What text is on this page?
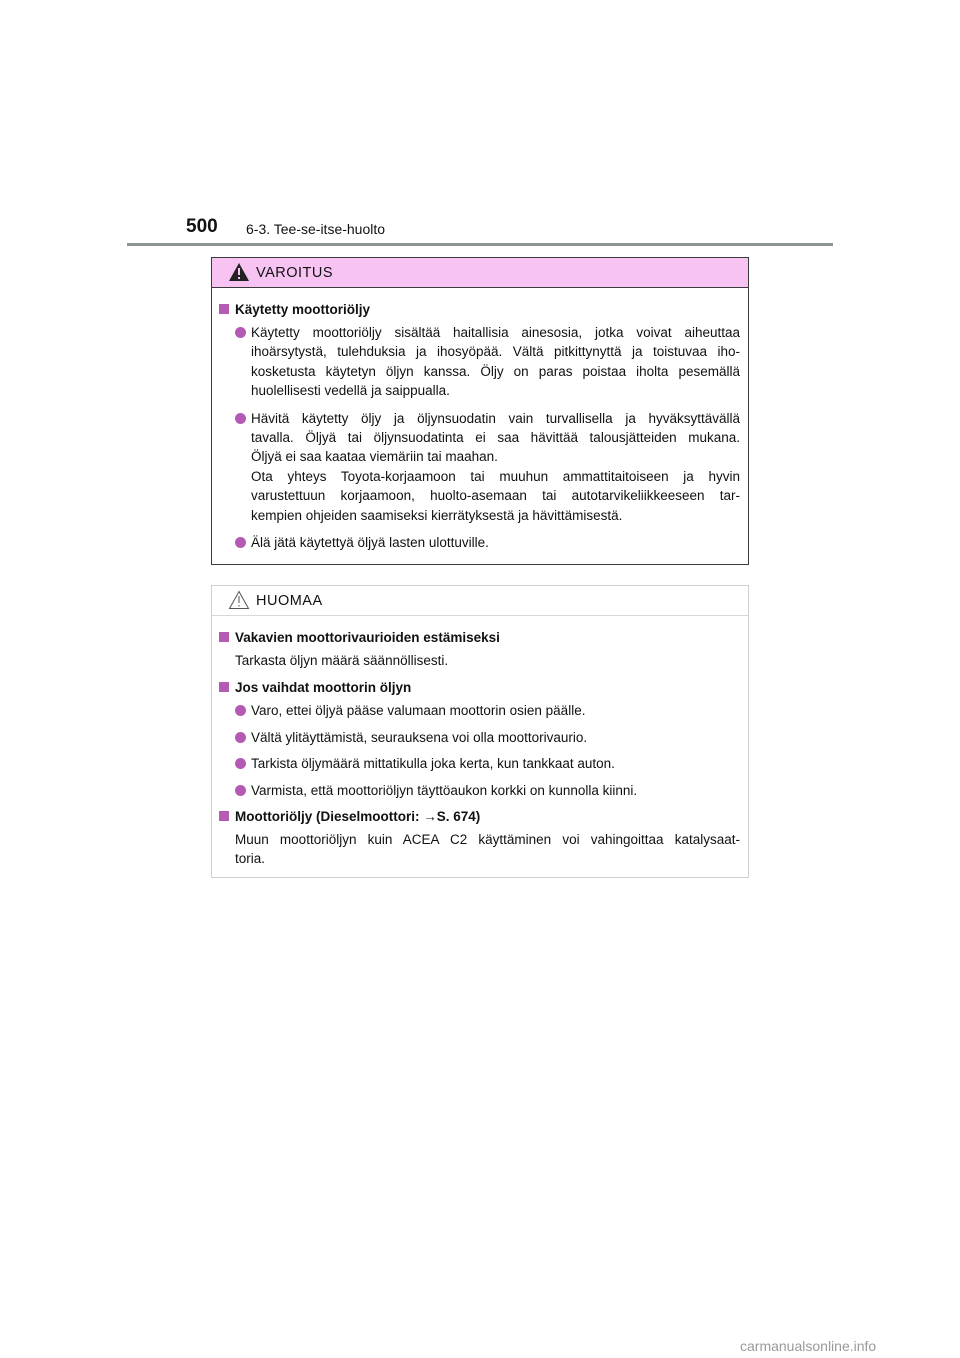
500 6-3. Tee-se-itse-huolto
VAROITUS
Käytetty moottoriöljy
Käytetty moottoriöljy sisältää haitallisia ainesosia, jotka voivat aiheuttaa
ihoärsytystä, tulehduksia ja ihosyöpää. Vältä pitkittynyttä ja toistuvaa iho-
kosketusta käytetyn öljyn kanssa. Öljy on paras poistaa iholta pesemällä
huolellisesti vedellä ja saippualla.
Hävitä käytetty öljy ja öljynsuodatin vain turvallisella ja hyväksyttävällä
tavalla. Öljyä tai öljynsuodatinta ei saa hävittää talousjätteiden mukana.
Öljyä ei saa kaataa viemäriin tai maahan.
Ota yhteys Toyota-korjaamoon tai muuhun ammattitaitoiseen ja hyvin
varustettuun korjaamoon, huolto-asemaan tai autotarvikeliikkeeseen tar-
kempien ohjeiden saamiseksi kierrätyksestä ja hävittämisestä.
Älä jätä käytettyä öljyä lasten ulottuville.
HUOMAA
Vakavien moottorivaurioiden estämiseksi
Tarkasta öljyn määrä säännöllisesti.
Jos vaihdat moottorin öljyn
Varo, ettei öljyä pääse valumaan moottorin osien päälle.
Vältä ylitäyttämistä, seurauksena voi olla moottorivaurio.
Tarkista öljymäärä mittatikulla joka kerta, kun tankkaat auton.
Varmista, että moottoriöljyn täyttöaukon korkki on kunnolla kiinni.
Moottoriöljy (Dieselmoottori: →S. 674)
Muun moottoriöljyn kuin ACEA C2 käyttäminen voi vahingoittaa katalysaat-
toria.
carmanualsonline.info
